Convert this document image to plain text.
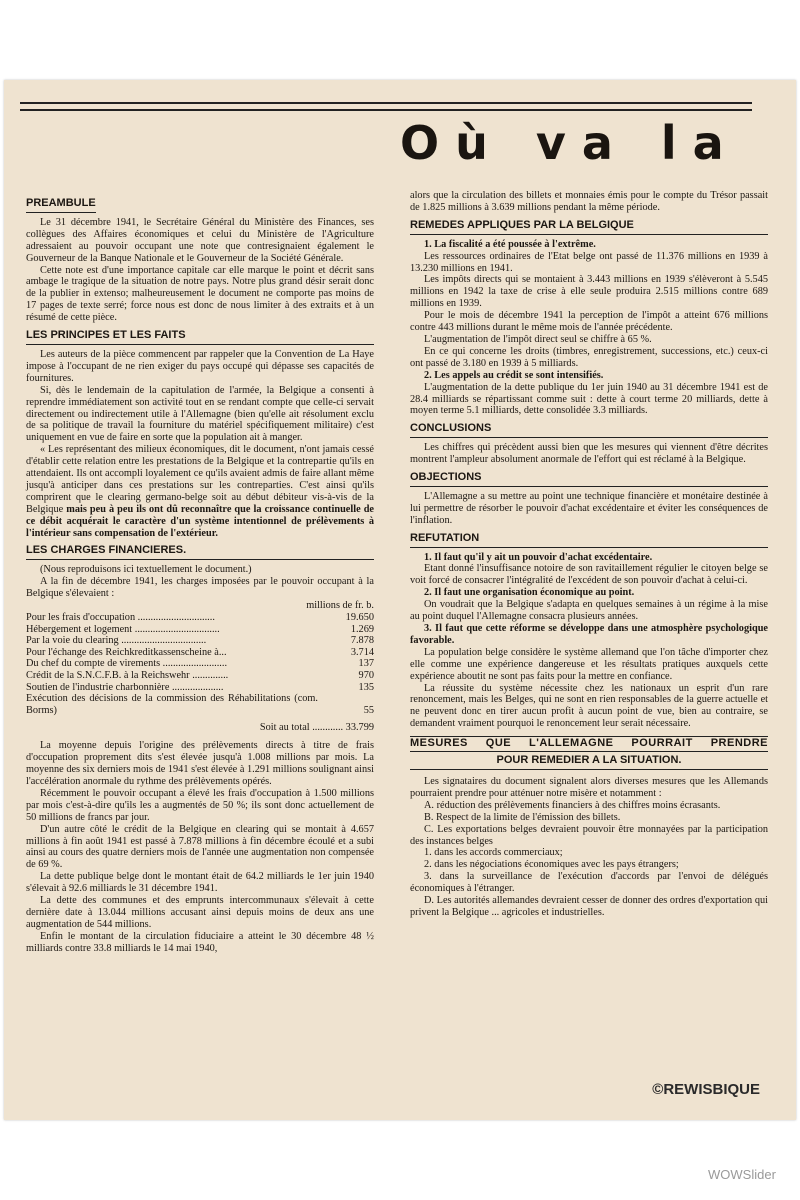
Où va la
PREAMBULE

Le 31 décembre 1941, le Secrétaire Général du Ministère des Finances, ses collègues des Affaires économiques et celui du Ministère de l'Agriculture adressaient au pouvoir occupant une note que contresignaient également le Gouverneur de la Banque Nationale et le Gouverneur de la Société Générale.

Cette note est d'une importance capitale car elle marque le point et décrit sans ambage le tragique de la situation de notre pays. Notre plus grand désir serait donc de la publier in extenso; malheureusement le document ne comporte pas moins de 17 pages de texte serré; force nous est donc de nous limiter à des extraits et à un résumé de cette pièce.

LES PRINCIPES ET LES FAITS

Les auteurs de la pièce commencent par rappeler que la Convention de La Haye impose à l'occupant de ne rien exiger du pays occupé qui dépasse ses capacités de fournitures.

Si, dès le lendemain de la capitulation de l'armée, la Belgique a consenti à reprendre immédiatement son activité tout en se rendant compte que celle-ci servait directement ou indirectement utile à l'Allemagne (bien qu'elle ait résolument exclu de sa politique de travail la fourniture du matériel spécifiquement militaire) c'est uniquement en vue de faire en sorte que la population ait à manger.

« Les représentant des milieux économiques, dit le document, n'ont jamais cessé d'établir cette relation entre les prestations de la Belgique et la contrepartie qu'ils en attendaient. Ils ont accompli loyalement ce qu'ils avaient admis de faire allant même jusqu'à anticiper dans ces prestations sur les contreparties. C'est ainsi qu'ils comprirent que le clearing germano-belge soit au début débiteur vis-à-vis de la Belgique mais peu à peu ils ont dû reconnaître que la croissance continuelle de ce débit acquérait le caractère d'un système intentionnel de prélèvements à l'intérieur sans compensation de l'extérieur.

LES CHARGES FINANCIERES.

(Nous reproduisons ici textuellement le document.)

A la fin de décembre 1941, les charges imposées par le pouvoir occupant à la Belgique s'élevaient :

millions de fr. b.
Pour les frais d'occupation ..............................	19.650
Hébergement et logement .................................	1.269
Par la voie du clearing .................................	7.878
Pour l'échange des Reichkreditkassenscheine à...	3.714
Du chef du compte de virements .........................	137
Crédit de la S.N.C.F.B. à la Reichswehr ..............	970
Soutien de l'industrie charbonnière ....................	135
Exécution des décisions de la commission des Réhabilitations (com. Borms)	55
Soit au total ............ 33.799

La moyenne depuis l'origine des prélèvements directs à titre de frais d'occupation proprement dits s'est élevée jusqu'à 1.008 millions par mois. La moyenne des six derniers mois de 1941 s'est élevée à 1.291 millions soulignant ainsi l'accélération anormale du rythme des prélèvements opérés.

Récemment le pouvoir occupant a élevé les frais d'occupation à 1.500 millions par mois c'est-à-dire qu'ils les a augmentés de 50 %; ils sont donc actuellement de 50 millions de francs par jour.

D'un autre côté le crédit de la Belgique en clearing qui se montait à 4.657 millions à fin août 1941 est passé à 7.878 millions à fin décembre écoulé et a subi ainsi au cours des quatre derniers mois de l'année une augmentation non compensée de 69 %.

La dette publique belge dont le montant était de 64.2 milliards le 1er juin 1940 s'élevait à 92.6 milliards le 31 décembre 1941.

La dette des communes et des emprunts intercommunaux s'élevait à cette dernière date à 13.044 millions accusant ainsi depuis moins de deux ans une augmentation de 544 millions.

Enfin le montant de la circulation fiduciaire a atteint le 30 décembre 48 ½ milliards contre 33.8 milliards le 14 mai 1940,

alors que la circulation des billets et monnaies émis pour le compte du Trésor passait de 1.825 millions à 3.639 millions pendant la même période.

REMEDES APPLIQUES PAR LA BELGIQUE

1. La fiscalité a été poussée à l'extrême.

Les ressources ordinaires de l'Etat belge ont passé de 11.376 millions en 1939 à 13.230 millions en 1941.

Les impôts directs qui se montaient à 3.443 millions en 1939 s'élèveront à 5.545 millions en 1942 la taxe de crise à elle seule produira 2.515 millions contre 689 millions en 1939.

Pour le mois de décembre 1941 la perception de l'impôt a atteint 676 millions contre 443 millions durant le même mois de l'année précédente.

L'augmentation de l'impôt direct seul se chiffre à 65 %.

En ce qui concerne les droits (timbres, enregistrement, successions, etc.) ceux-ci ont passé de 3.180 en 1939 à 5 milliards.

2. Les appels au crédit se sont intensifiés.

L'augmentation de la dette publique du 1er juin 1940 au 31 décembre 1941 est de 28.4 milliards se répartissant comme suit : dette à court terme 20 milliards, dette à moyen terme 5.1 milliards, dette consolidée 3.3 milliards.

CONCLUSIONS

Les chiffres qui précèdent aussi bien que les mesures qui viennent d'être décrites montrent l'ampleur absolument anormale de l'effort qui est réclamé à la Belgique.

OBJECTIONS

L'Allemagne a su mettre au point une technique financière et monétaire destinée à lui permettre de résorber le pouvoir d'achat excédentaire et éviter les conséquences de l'inflation.

REFUTATION

1. Il faut qu'il y ait un pouvoir d'achat excédentaire.

Etant donné l'insuffisance notoire de son ravitaillement régulier le citoyen belge se voit forcé de consacrer l'intégralité de l'excédent de son pouvoir d'achat à celui-ci.

2. Il faut une organisation économique au point.

On voudrait que la Belgique s'adapta en quelques semaines à un régime à la mise au point duquel l'Allemagne consacra plusieurs années.

3. Il faut que cette réforme se développe dans une atmosphère psychologique favorable.

La population belge considère le système allemand que l'on tâche d'importer chez elle comme une expérience dangereuse et les résultats pratiques auxquels cette expérience aboutit ne sont pas faits pour la mettre en confiance.

La réussite du système nécessite chez les nationaux un esprit d'un rare renoncement, mais les Belges, qui ne sont en rien responsables de la guerre actuelle et ne peuvent donc en tirer aucun profit à aucun point de vue, bien au contraire, se demandent vraiment pourquoi le renoncement leur serait nécessaire.

MESURES QUE L'ALLEMAGNE POURRAIT PRENDRE
POUR REMEDIER A LA SITUATION.

Les signataires du document signalent alors diverses mesures que les Allemands pourraient prendre pour atténuer notre misère et notamment :

A. réduction des prélèvements financiers à des chiffres moins écrasants.

B. Respect de la limite de l'émission des billets.

C. Les exportations belges devraient pouvoir être monnayées par la participation des instances belges

1. dans les accords commerciaux;

2. dans les négociations économiques avec les pays étrangers;

3. dans la surveillance de l'exécution d'accords par l'envoi de délégués économiques à l'étranger.

D. Les autorités allemandes devraient cesser de donner des ordres d'exportation qui privent la Belgique ... agricoles et industrielles.

©REWISBIQUE
WOWSlider
